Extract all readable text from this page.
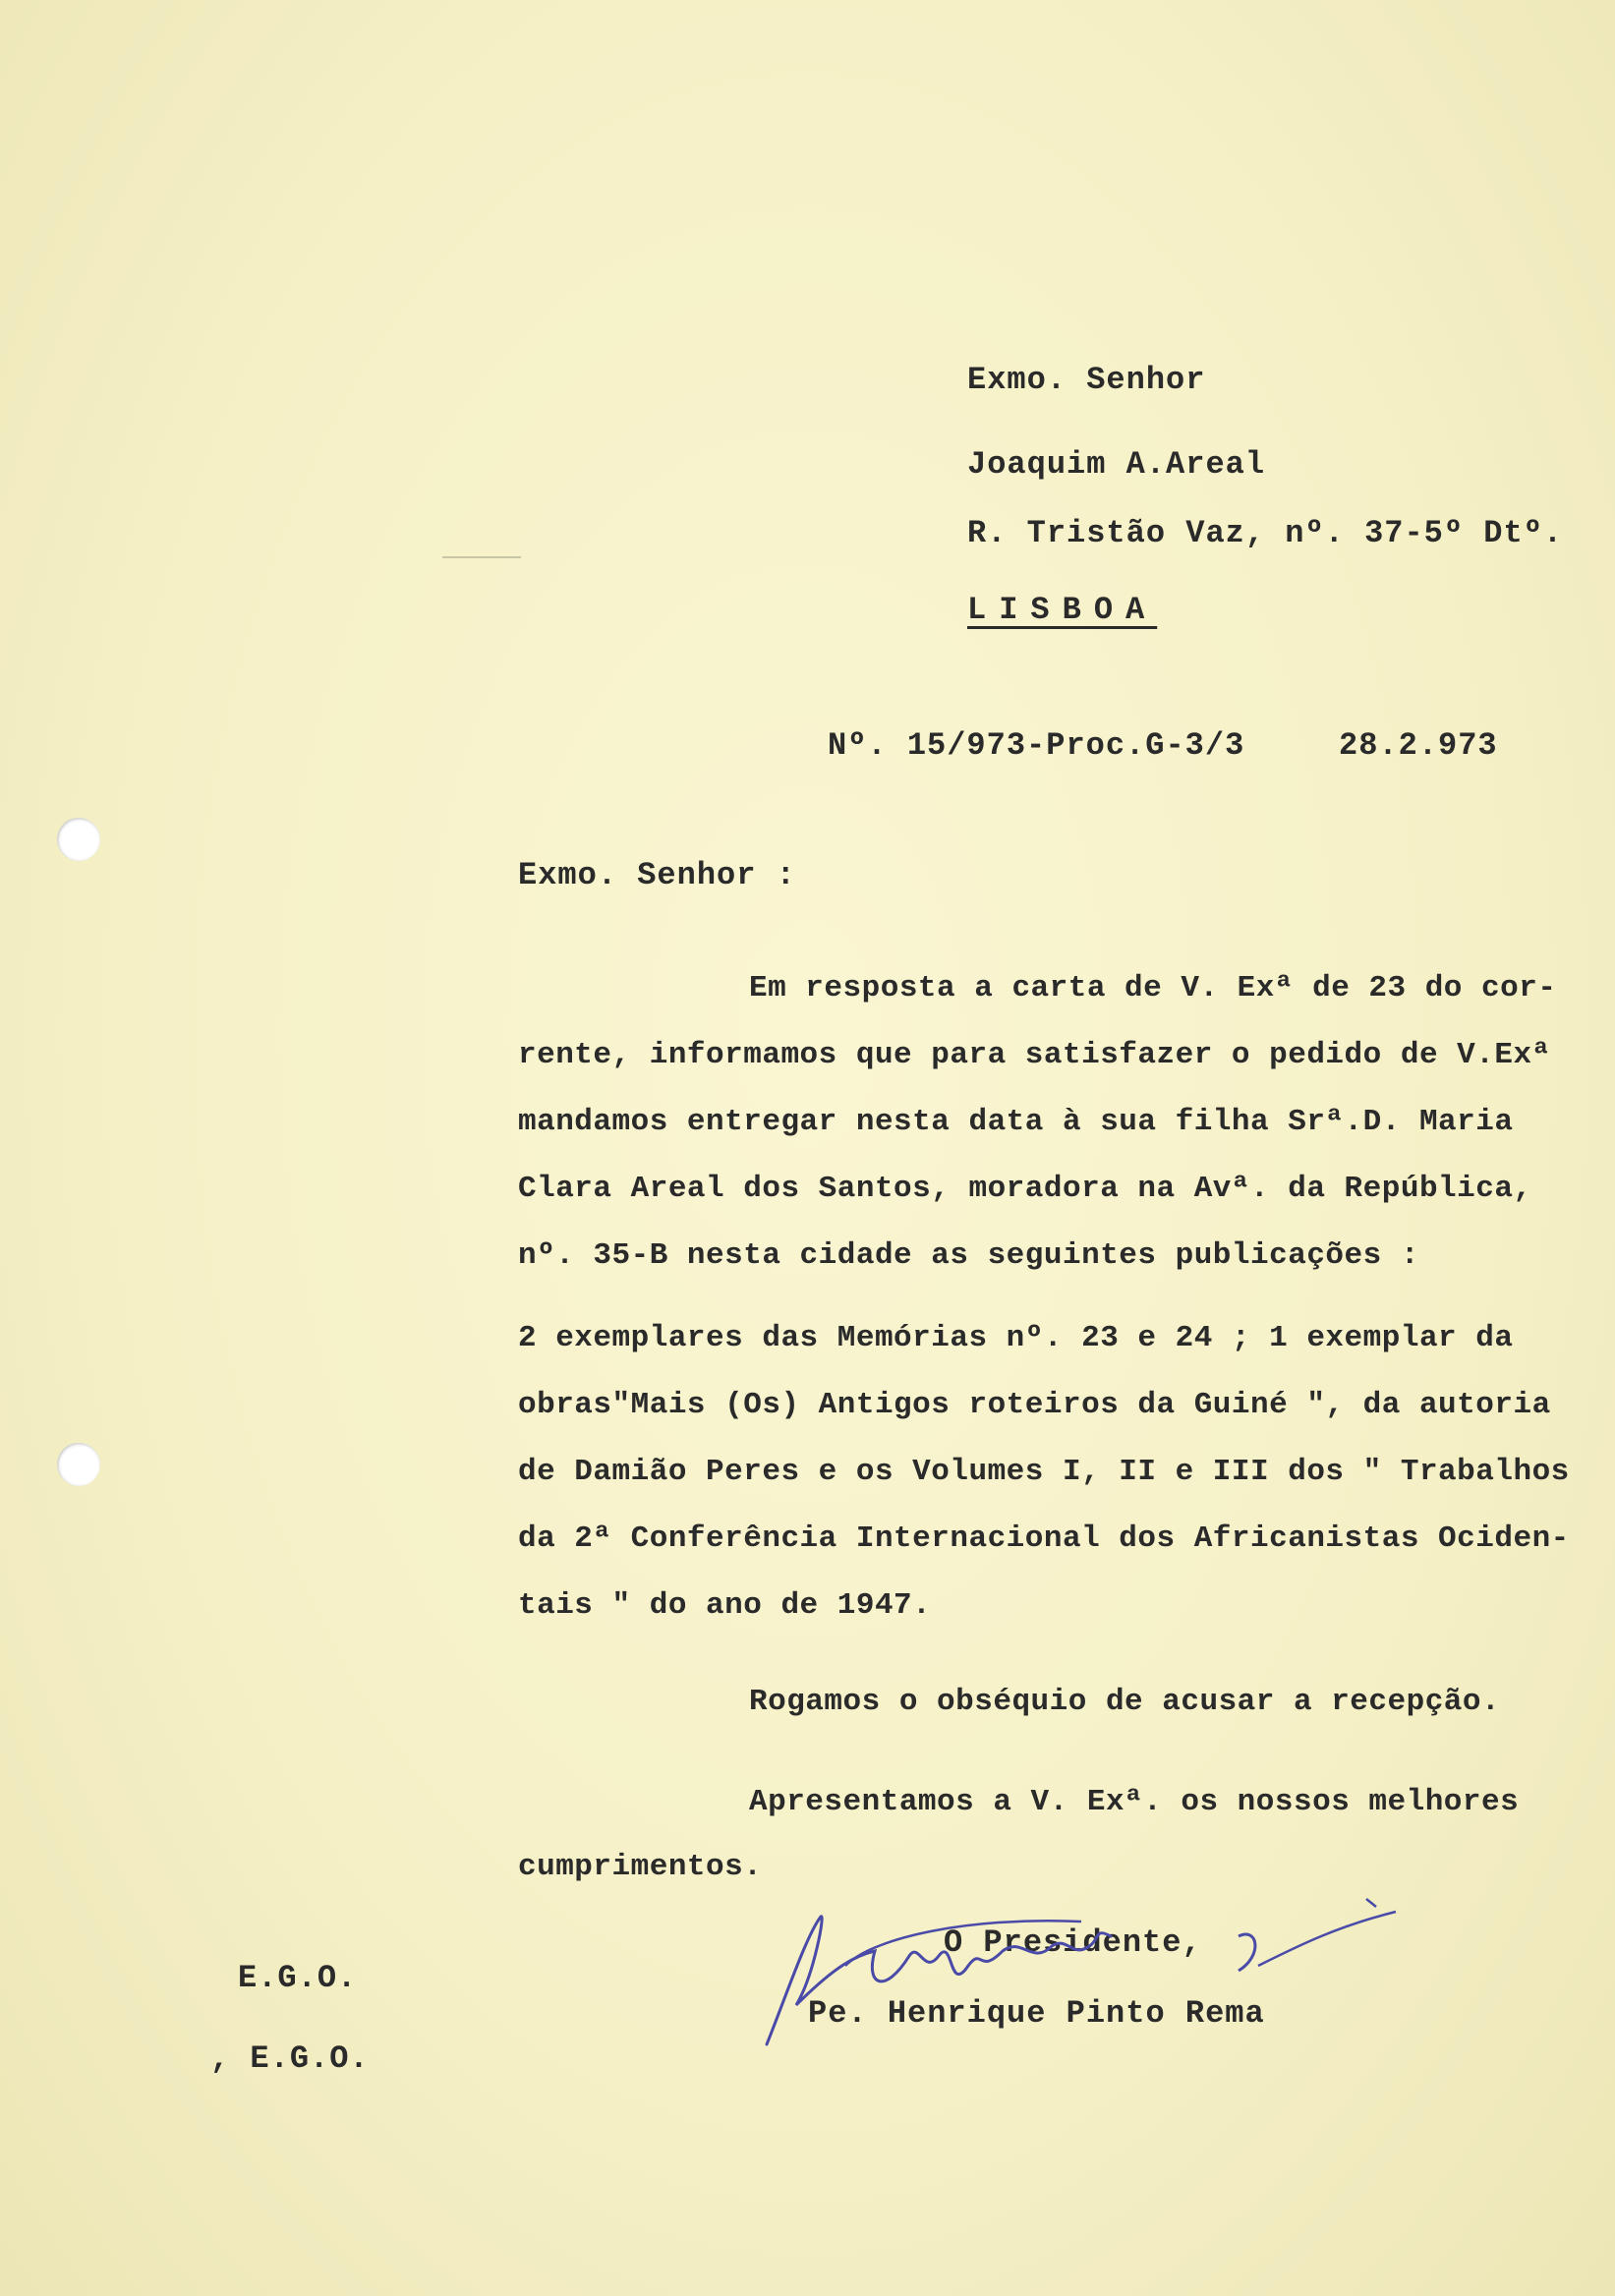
Exmo. Senhor
Joaquim A.Areal
R. Tristão Vaz, nº. 37-5º Dtº.
LISBOA
Nº. 15/973-Proc.G-3/3	28.2.973
Exmo. Senhor :
Em resposta a carta de V. Exª de 23 do cor-
rente, informamos que para satisfazer o pedido de V.Exª
mandamos entregar nesta data à sua filha Srª.D. Maria
Clara Areal dos Santos, moradora na Avª. da República,
nº. 35-B nesta cidade as seguintes publicações :
2 exemplares das Memórias nº. 23 e 24 ; 1 exemplar da
obras"Mais (Os) Antigos roteiros da Guiné ", da autoria
de Damião Peres e os Volumes I, II e III dos " Trabalhos
da 2ª Conferência Internacional dos Africanistas Ociden-
tais " do ano de 1947.
Rogamos o obséquio de acusar a recepção.
Apresentamos a V. Exª. os nossos melhores
cumprimentos.
O Presidente,
Pe. Henrique Pinto Rema
E.G.O.
, E.G.O.
